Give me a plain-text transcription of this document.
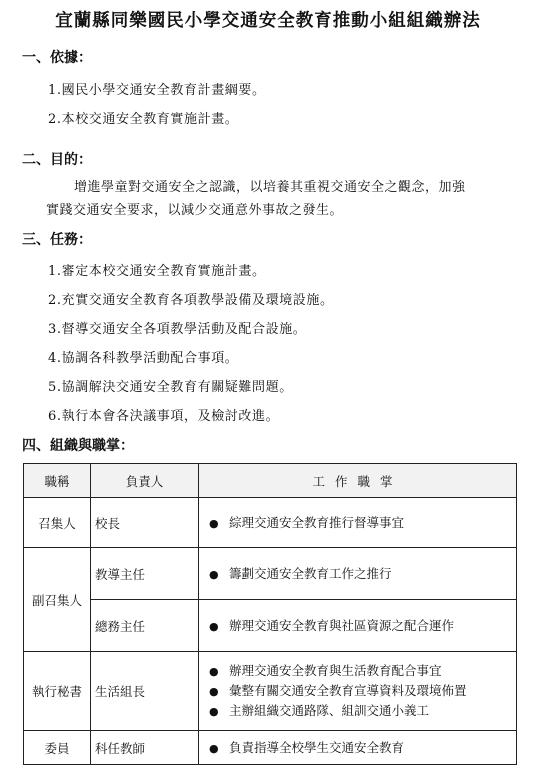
宜蘭縣同樂國民小學交通安全教育推動小組組織辦法
一、依據：
1.國民小學交通安全教育計畫綱要。
2.本校交通安全教育實施計畫。
二、目的：
增進學童對交通安全之認識，以培養其重視交通安全之觀念，加強
實踐交通安全要求，以減少交通意外事故之發生。
三、任務：
1.審定本校交通安全教育實施計畫。
2.充實交通安全教育各項教學設備及環境設施。
3.督導交通安全各項教學活動及配合設施。
4.協調各科教學活動配合事項。
5.協調解決交通安全教育有關疑難問題。
6.執行本會各決議事項，及檢討改進。
四、組織與職掌：
職稱	負責人	工作職掌
召集人	校長	● 綜理交通安全教育推行督導事宜

副召集人	教導主任	● 籌劃交通安全教育工作之推行

	總務主任	● 辦理交通安全教育與社區資源之配合運作

執行秘書	生活組長	● 辦理交通安全教育與生活教育配合事宜
● 彙整有關交通安全教育宣導資料及環境佈置
● 主辦組織交通路隊、組訓交通小義工

委員	科任教師	● 負責指導全校學生交通安全教育
